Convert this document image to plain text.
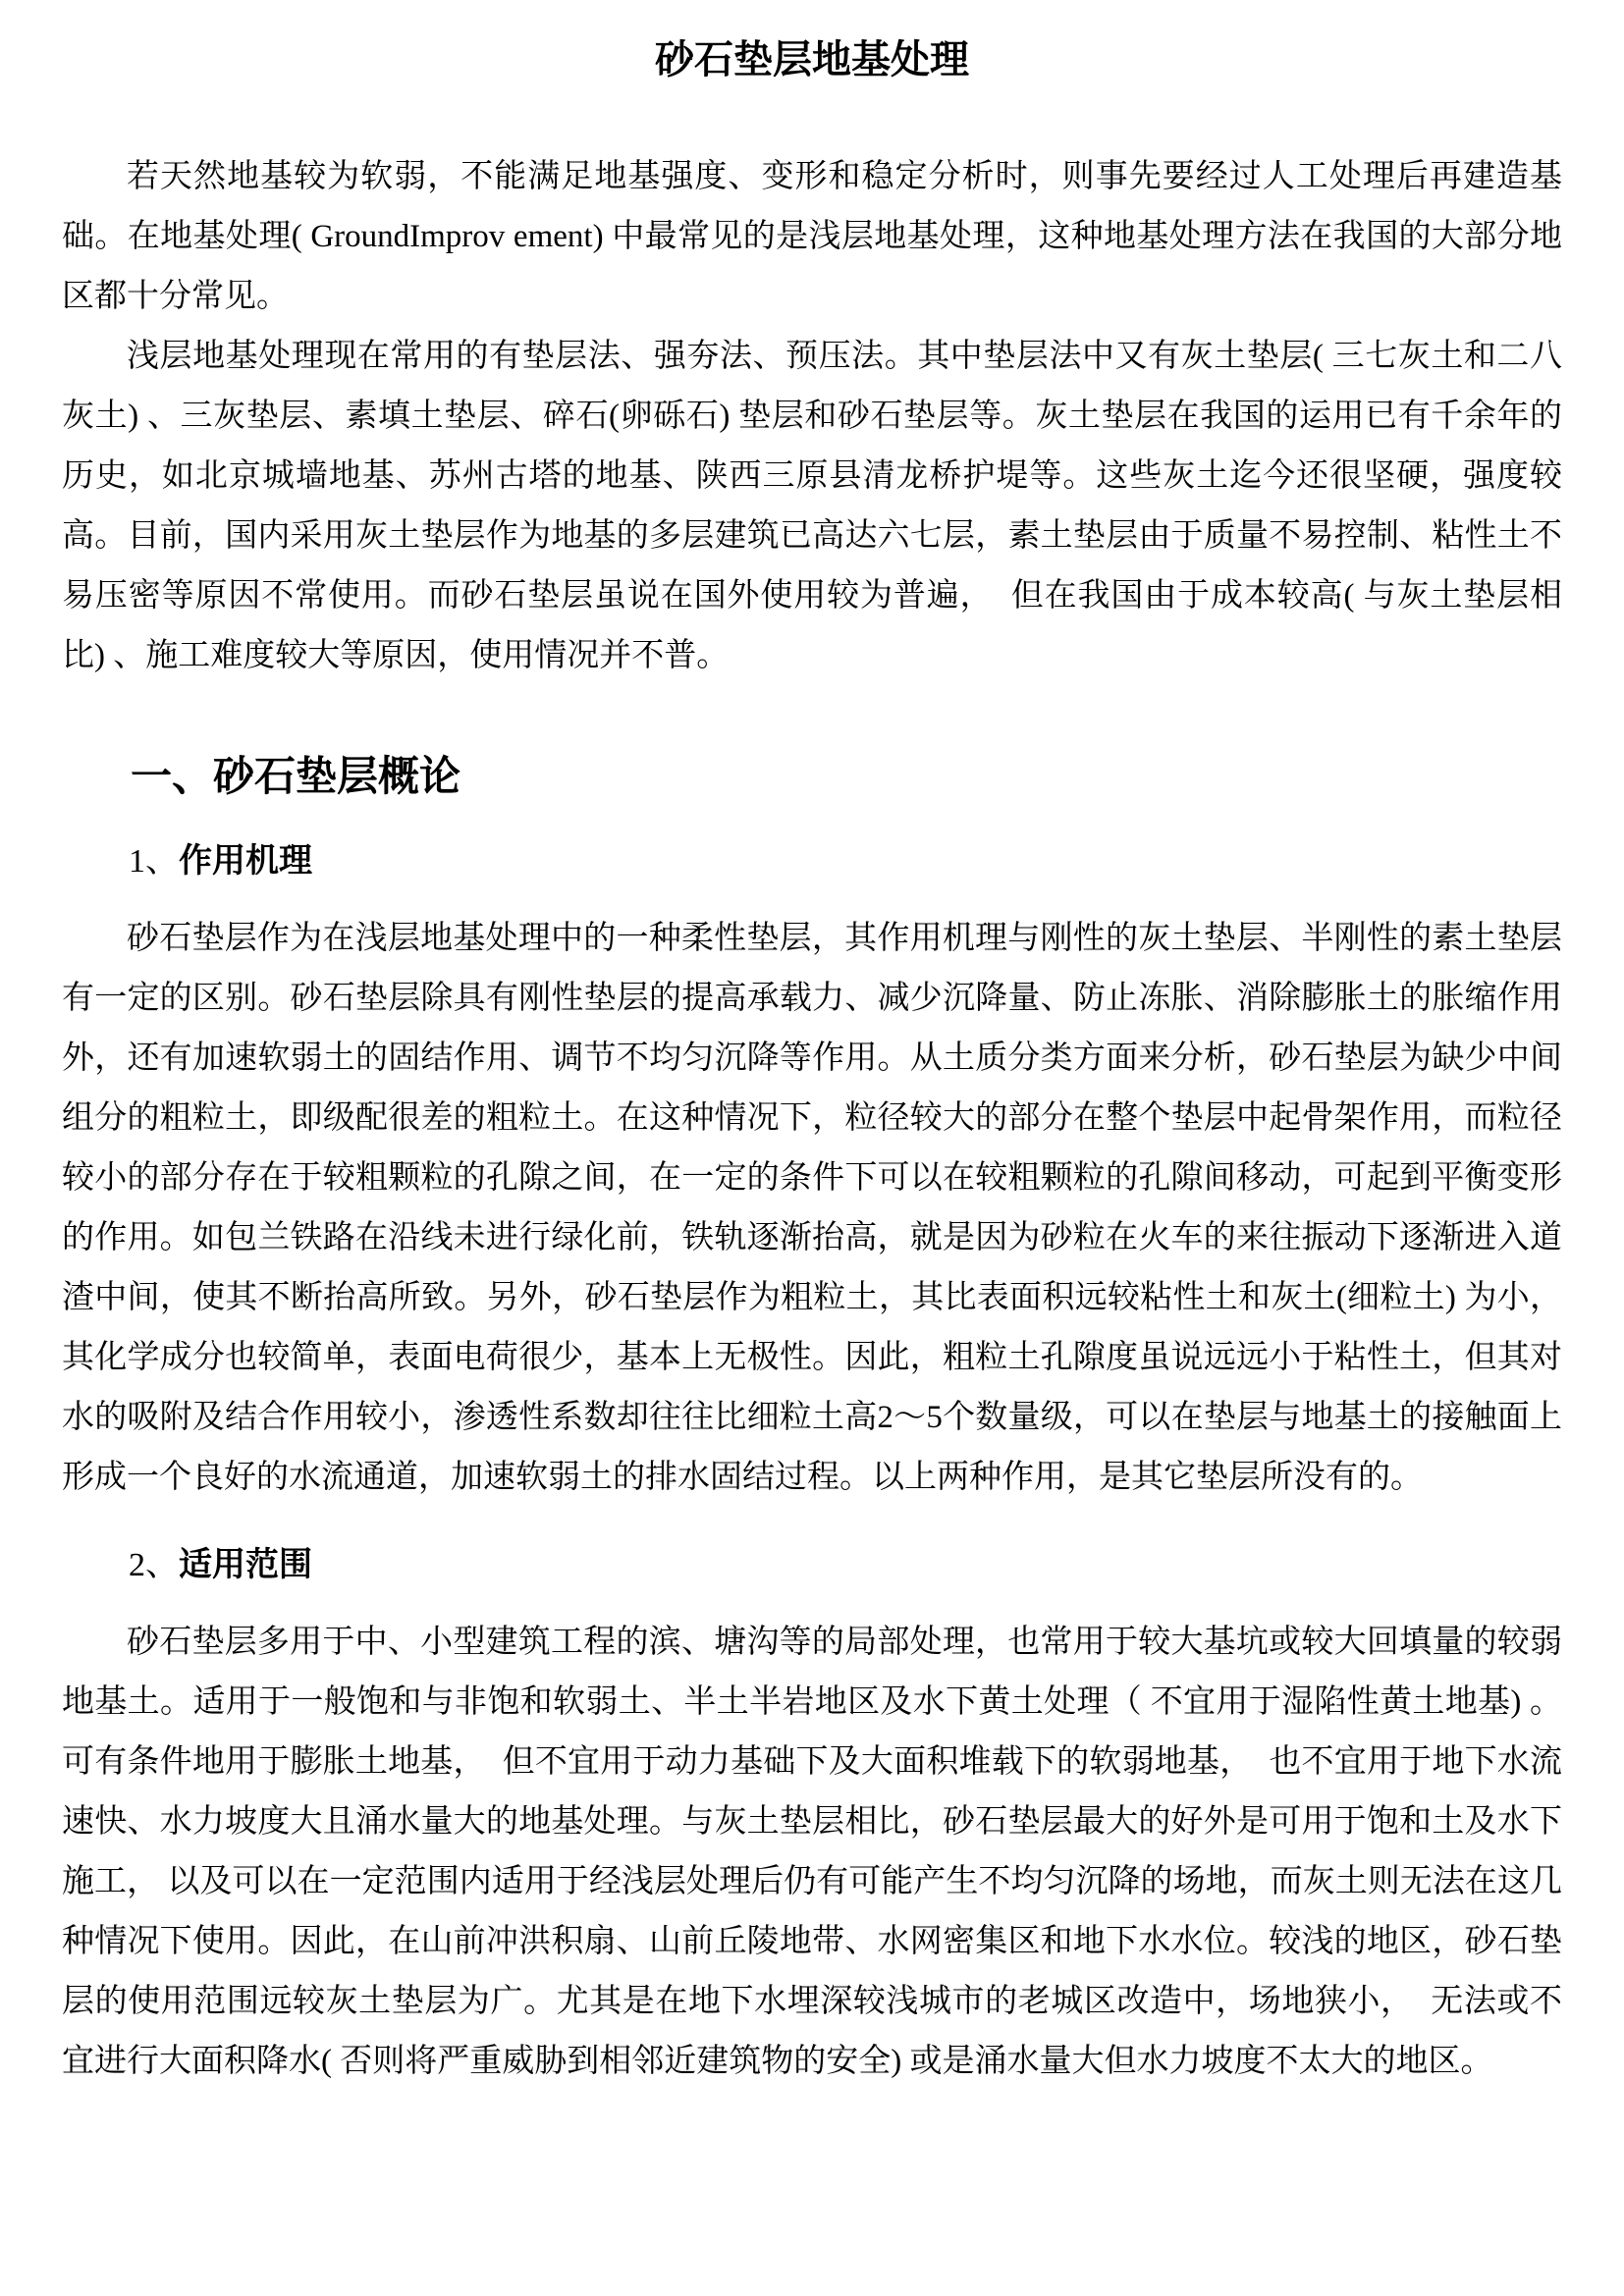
砂石垫层地基处理

若天然地基较为软弱，不能满足地基强度、变形和稳定分析时，则事先要经过人工处理后再建造基础。在地基处理( GroundImprov ement) 中最常见的是浅层地基处理，这种地基处理方法在我国的大部分地区都十分常见。

浅层地基处理现在常用的有垫层法、强夯法、预压法。其中垫层法中又有灰土垫层( 三七灰土和二八灰土) 、三灰垫层、素填土垫层、碎石(卵砾石) 垫层和砂石垫层等。灰土垫层在我国的运用已有千余年的历史，如北京城墙地基、苏州古塔的地基、陕西三原县清龙桥护堤等。这些灰土迄今还很坚硬，强度较高。目前，国内采用灰土垫层作为地基的多层建筑已高达六七层，素土垫层由于质量不易控制、粘性土不易压密等原因不常使用。而砂石垫层虽说在国外使用较为普遍，  但在我国由于成本较高( 与灰土垫层相比) 、施工难度较大等原因，使用情况并不普。

一、砂石垫层概论
1、作用机理

砂石垫层作为在浅层地基处理中的一种柔性垫层，其作用机理与刚性的灰土垫层、半刚性的素土垫层有一定的区别。砂石垫层除具有刚性垫层的提高承载力、减少沉降量、防止冻胀、消除膨胀土的胀缩作用外，还有加速软弱土的固结作用、调节不均匀沉降等作用。从土质分类方面来分析，砂石垫层为缺少中间组分的粗粒土，即级配很差的粗粒土。在这种情况下，粒径较大的部分在整个垫层中起骨架作用，而粒径较小的部分存在于较粗颗粒的孔隙之间，在一定的条件下可以在较粗颗粒的孔隙间移动，可起到平衡变形的作用。如包兰铁路在沿线未进行绿化前，铁轨逐渐抬高，就是因为砂粒在火车的来往振动下逐渐进入道渣中间，使其不断抬高所致。另外，砂石垫层作为粗粒土，其比表面积远较粘性土和灰土(细粒土) 为小，其化学成分也较简单，表面电荷很少，基本上无极性。因此，粗粒土孔隙度虽说远远小于粘性土，但其对水的吸附及结合作用较小，渗透性系数却往往比细粒土高2～5个数量级，可以在垫层与地基土的接触面上形成一个良好的水流通道，加速软弱土的排水固结过程。以上两种作用，是其它垫层所没有的。

2、适用范围

砂石垫层多用于中、小型建筑工程的滨、塘沟等的局部处理，也常用于较大基坑或较大回填量的较弱地基土。适用于一般饱和与非饱和软弱土、半土半岩地区及水下黄土处理（ 不宜用于湿陷性黄土地基) 。可有条件地用于膨胀土地基，  但不宜用于动力基础下及大面积堆载下的软弱地基，  也不宜用于地下水流速快、水力坡度大且涌水量大的地基处理。与灰土垫层相比，砂石垫层最大的好外是可用于饱和土及水下施工， 以及可以在一定范围内适用于经浅层处理后仍有可能产生不均匀沉降的场地，而灰土则无法在这几种情况下使用。因此，在山前冲洪积扇、山前丘陵地带、水网密集区和地下水水位。较浅的地区，砂石垫层的使用范围远较灰土垫层为广。尤其是在地下水埋深较浅城市的老城区改造中，场地狭小，  无法或不宜进行大面积降水( 否则将严重威胁到相邻近建筑物的安全) 或是涌水量大但水力坡度不太大的地区。
